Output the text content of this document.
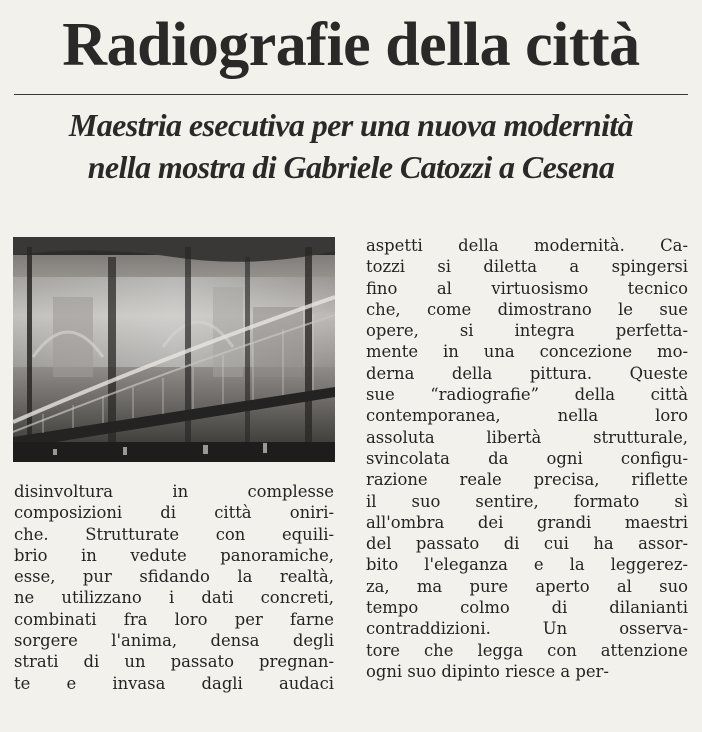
Radiografie della città
Maestria esecutiva per una nuova modernità
nella mostra di Gabriele Catozzi a Cesena
disinvoltura in complesse
composizioni di città oniri-
che. Strutturate con equili-
brio in vedute panoramiche,
esse, pur sfidando la realtà,
ne utilizzano i dati concreti,
combinati fra loro per farne
sorgere l'anima, densa degli
strati di un passato pregnan-
te e invasa dagli audaci
aspetti della modernità. Ca-
tozzi si diletta a spingersi
fino al virtuosismo tecnico
che, come dimostrano le sue
opere, si integra perfetta-
mente in una concezione mo-
derna della pittura. Queste
sue “radiografie” della città
contemporanea, nella loro
assoluta libertà strutturale,
svincolata da ogni configu-
razione reale precisa, riflette
il suo sentire, formato sì
all'ombra dei grandi maestri
del passato di cui ha assor-
bito l'eleganza e la leggerez-
za, ma pure aperto al suo
tempo colmo di dilanianti
contraddizioni. Un osserva-
tore che legga con attenzione
ogni suo dipinto riesce a per-
